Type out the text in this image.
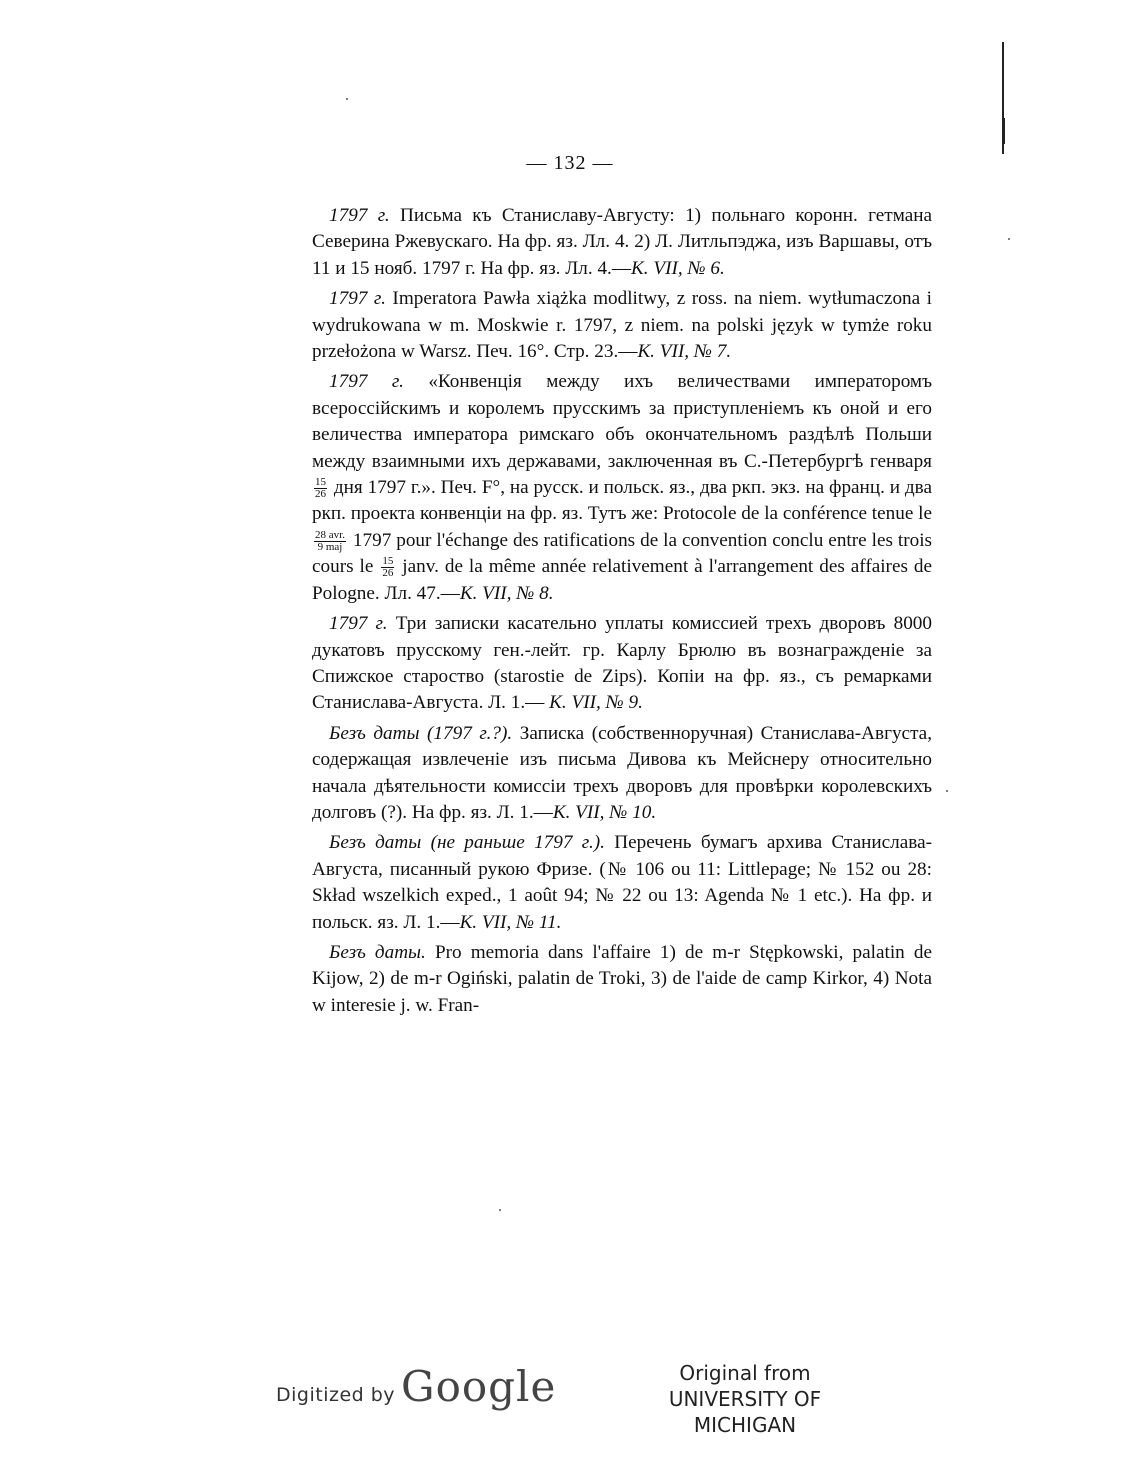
— 132 —

1797 г. Письма къ Станиславу-Августу: 1) польнаго коронн. гетмана Северина Ржевускаго. На фр. яз. Лл. 4. 2) Л. Литльпэджа, изъ Варшавы, отъ 11 и 15 нояб. 1797 г. На фр. яз. Лл. 4.—К. VII, № 6.

1797 г. Imperatora Pawła xiążka modlitwy, z ross. na niem. wytłumaczona i wydrukowana w m. Moskwie r. 1797, z niem. na polski język w tymże roku przełożona w Warsz. Печ. 16°. Стр. 23.—К. VII, № 7.

1797 г. «Конвенція между ихъ величествами императоромъ всероссійскимъ и королемъ прусскимъ за приступленіемъ къ оной и его величества императора римскаго объ окончательномъ раздѣлѣ Польши между взаимными ихъ державами, заключенная въ С.-Петербургѣ генваря
$\frac{15}{26}$ дня 1797 г.». Печ. F°, на русск. и польск. яз., два ркп. экз. на франц. и два ркп. проекта конвенціи на фр. яз. Тутъ же: Protocole de la conférence tenue le
$\frac{\text{28 avr.}}{\text{9 maj}} 1797$ pour l'échange des ratifications de la convention conclu entre les trois cours le $\frac{15}{26}$ janv. de la même année relativement à l'arrangement des affaires de Pologne. Лл. 47.—К. VII, № 8.

1797 г. Три записки касательно уплаты комиссией трехъ дворовъ 8000 дукатовъ прусскому ген.-лейт. гр. Карлу Брюлю въ вознагражденіе за Спижское староство (starostie de Zips). Копіи на фр. яз., съ ремарками Станислава-Августа. Л. 1.— К. VII, № 9.

Безъ даты (1797 г.?). Записка (собственноручная) Станислава-Августа, содержащая извлеченіе изъ письма Дивова къ Мейснеру относительно начала дѣятельности комиссіи трехъ дворовъ для провѣрки королевскихъ долговъ (?). На фр. яз. Л. 1.—К. VII, № 10.

Безъ даты (не раньше 1797 г.). Перечень бумагъ архива Станислава-Августа, писанный рукою Фризе. (№ 106 ou 11: Littlepage; № 152 ou 28: Skład wszelkich exped., 1 août 94; № 22 ou 13: Agenda № 1 etc.). На фр. и польск. яз. Л. 1.—К. VII, № 11.

Безъ даты. Pro memoria dans l'affaire 1) de m-r Stępkowski, palatin de Kijow, 2) de m-r Ogiński, palatin de Troki, 3) de l'aide de camp Kirkor, 4) Nota w interesie j. w. Fran-

Digitized by Google	Original from
UNIVERSITY OF MICHIGAN
